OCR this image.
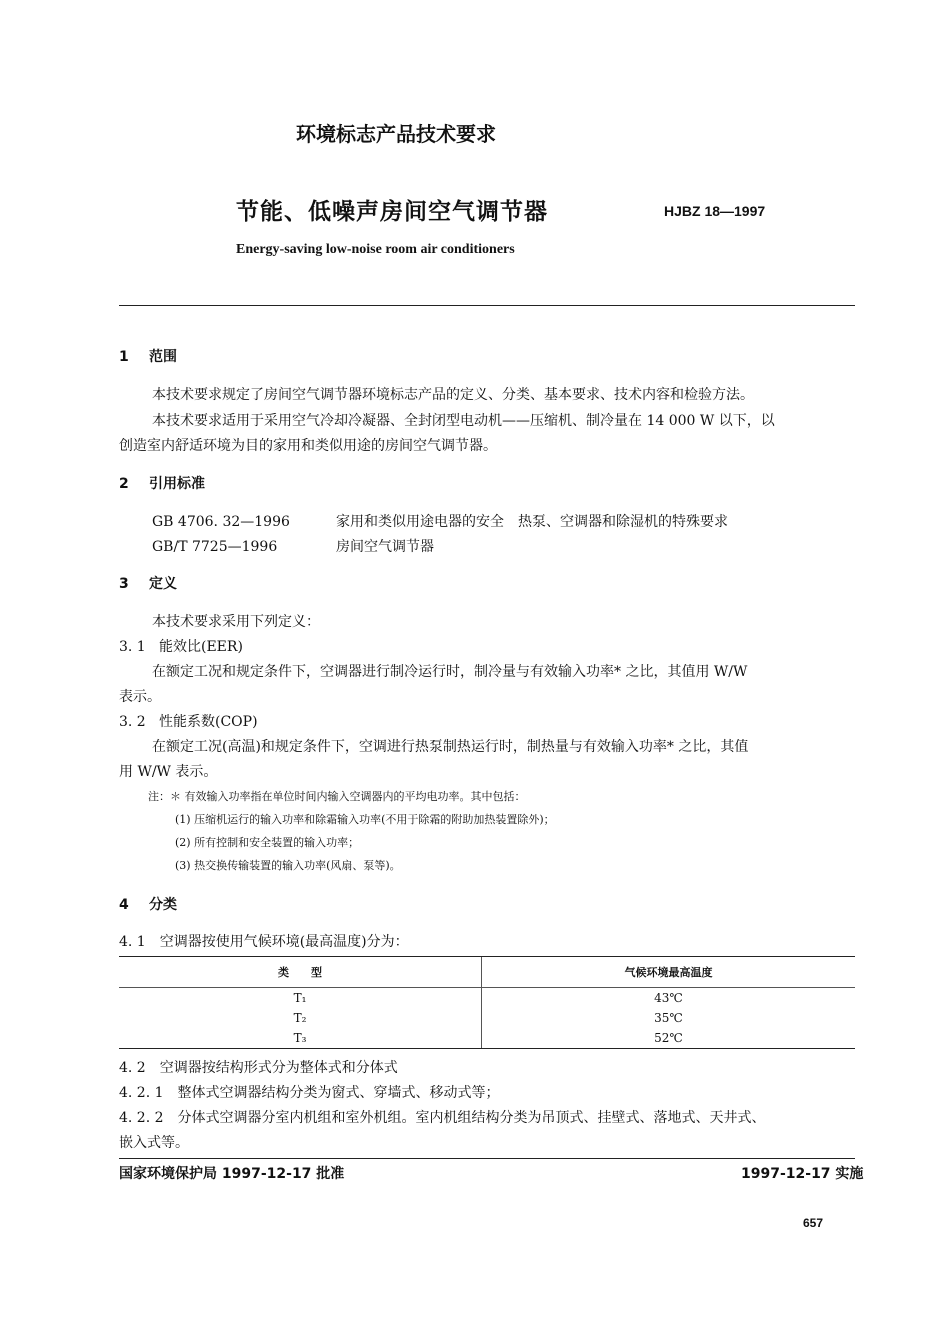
环境标志产品技术要求
节能、低噪声房间空气调节器	HJBZ 18—1997
Energy-saving low-noise room air conditioners
1 范围
本技术要求规定了房间空气调节器环境标志产品的定义、分类、基本要求、技术内容和检验方法。
本技术要求适用于采用空气冷却冷凝器、全封闭型电动机——压缩机、制冷量在 14 000 W 以下，以
创造室内舒适环境为目的家用和类似用途的房间空气调节器。
2 引用标准
GB 4706. 32—1996	家用和类似用途电器的安全　热泵、空调器和除湿机的特殊要求
GB/T 7725—1996	房间空气调节器
3 定义
本技术要求采用下列定义：
3. 1 能效比(EER)
在额定工况和规定条件下，空调器进行制冷运行时，制冷量与有效输入功率* 之比，其值用 W/W
表示。
3. 2 性能系数(COP)
在额定工况(高温)和规定条件下，空调进行热泵制热运行时，制热量与有效输入功率* 之比，其值
用 W/W 表示。
注：＊ 有效输入功率指在单位时间内输入空调器内的平均电功率。其中包括：
(1) 压缩机运行的输入功率和除霜输入功率(不用于除霜的附助加热装置除外)；
(2) 所有控制和安全装置的输入功率；
(3) 热交换传输装置的输入功率(风扇、泵等)。
4 分类
4. 1　空调器按使用气候环境(最高温度)分为：
类　　型	气候环境最高温度
T₁	43℃
T₂	35℃
T₃	52℃
4. 2　空调器按结构形式分为整体式和分体式
4. 2. 1　整体式空调器结构分类为窗式、穿墙式、移动式等；
4. 2. 2　分体式空调器分室内机组和室外机组。室内机组结构分类为吊顶式、挂壁式、落地式、天井式、
嵌入式等。
国家环境保护局 1997-12-17 批准	1997-12-17 实施
657
